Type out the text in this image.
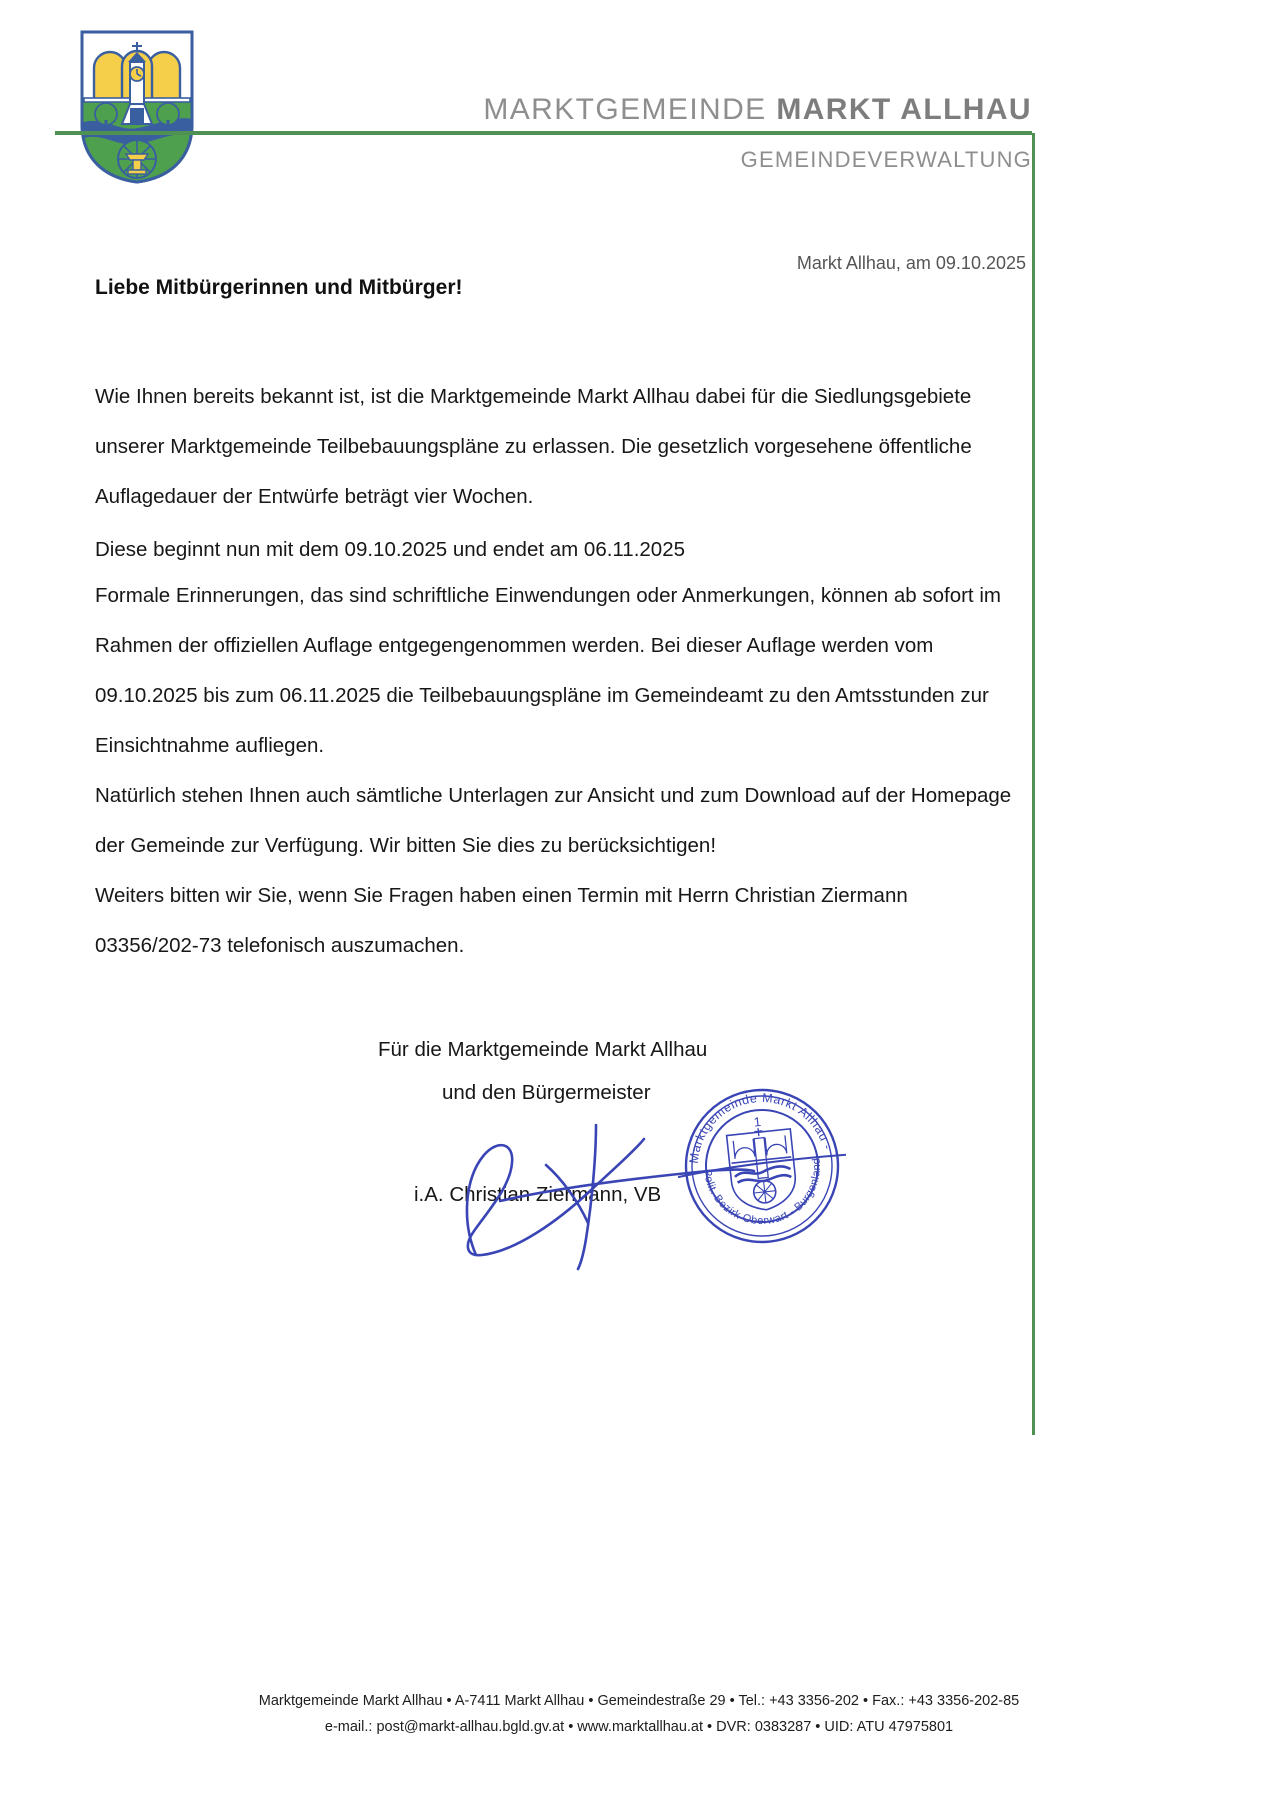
MARKTGEMEINDE MARKT ALLHAU
GEMEINDEVERWALTUNG
Markt Allhau, am 09.10.2025
Liebe Mitbürgerinnen und Mitbürger!

Wie Ihnen bereits bekannt ist, ist die Marktgemeinde Markt Allhau dabei für die Siedlungsgebiete unserer Marktgemeinde Teilbebauungspläne zu erlassen. Die gesetzlich vorgesehene öffentliche Auflagedauer der Entwürfe beträgt vier Wochen.

Diese beginnt nun mit dem 09.10.2025 und endet am 06.11.2025

Formale Erinnerungen, das sind schriftliche Einwendungen oder Anmerkungen, können ab sofort im Rahmen der offiziellen Auflage entgegengenommen werden. Bei dieser Auflage werden vom 09.10.2025 bis zum 06.11.2025 die Teilbebauungspläne im Gemeindeamt zu den Amtsstunden zur Einsichtnahme aufliegen.

Natürlich stehen Ihnen auch sämtliche Unterlagen zur Ansicht und zum Download auf der Homepage der Gemeinde zur Verfügung. Wir bitten Sie dies zu berücksichtigen!

Weiters bitten wir Sie, wenn Sie Fragen haben einen Termin mit Herrn Christian Ziermann 03356/202-73 telefonisch auszumachen.

Für die Marktgemeinde Markt Allhau

und den Bürgermeister

i.A. Christian Ziermann, VB

Marktgemeinde Markt Allhau -
Polit. Bezirk Oberwart - Burgenland
1
Marktgemeinde Markt Allhau • A-7411 Markt Allhau • Gemeindestraße 29 • Tel.: +43 3356-202 • Fax.: +43 3356-202-85
e-mail.: post@markt-allhau.bgld.gv.at • www.marktallhau.at • DVR: 0383287 • UID: ATU 47975801
